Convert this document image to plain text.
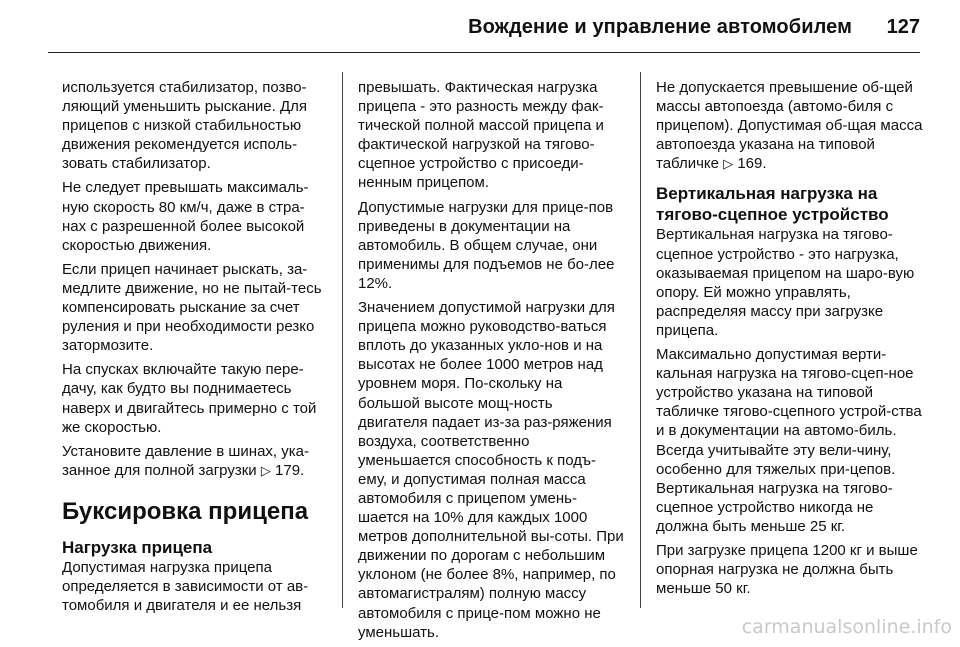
Вождение и управление автомобилем 127

используется стабилизатор, позво-ляющий уменьшить рыскание. Для прицепов с низкой стабильностью движения рекомендуется исполь-зовать стабилизатор.

Не следует превышать максималь-ную скорость 80 км/ч, даже в стра-нах с разрешенной более высокой скоростью движения.

Если прицеп начинает рыскать, за-медлите движение, но не пытай-тесь компенсировать рыскание за счет руления и при необходимости резко затормозите.

На спусках включайте такую пере-дачу, как будто вы поднимаетесь наверх и двигайтесь примерно с той же скоростью.

Установите давление в шинах, ука-занное для полной загрузки ▷ 179.

Буксировка прицепа
Нагрузка прицепа

Допустимая нагрузка прицепа определяется в зависимости от ав-томобиля и двигателя и ее нельзя

превышать. Фактическая нагрузка прицепа - это разность между фак-тической полной массой прицепа и фактической нагрузкой на тягово-сцепное устройство с присоеди-ненным прицепом.

Допустимые нагрузки для прице-пов приведены в документации на автомобиль. В общем случае, они применимы для подъемов не бо-лее 12%.

Значением допустимой нагрузки для прицепа можно руководство-ваться вплоть до указанных укло-нов и на высотах не более 1000 метров над уровнем моря. По-скольку на большой высоте мощ-ность двигателя падает из-за раз-ряжения воздуха, соответственно уменьшается способность к подъ-ему, и допустимая полная масса автомобиля с прицепом умень-шается на 10% для каждых 1000 метров дополнительной вы-соты. При движении по дорогам с небольшим уклоном (не более 8%, например, по автомагистралям) полную массу автомобиля с прице-пом можно не уменьшать.

Не допускается превышение об-щей массы автопоезда (автомо-биля с прицепом). Допустимая об-щая масса автопоезда указана на типовой табличке ▷ 169.

Вертикальная нагрузка на тягово-сцепное устройство

Вертикальная нагрузка на тягово-сцепное устройство - это нагрузка, оказываемая прицепом на шаро-вую опору. Ей можно управлять, распределяя массу при загрузке прицепа.

Максимально допустимая верти-кальная нагрузка на тягово-сцеп-ное устройство указана на типовой табличке тягово-сцепного устрой-ства и в документации на автомо-биль. Всегда учитывайте эту вели-чину, особенно для тяжелых при-цепов. Вертикальная нагрузка на тягово-сцепное устройство никогда не должна быть меньше 25 кг.

При загрузке прицепа 1200 кг и выше опорная нагрузка не должна быть меньше 50 кг.

carmanualsonline.info
